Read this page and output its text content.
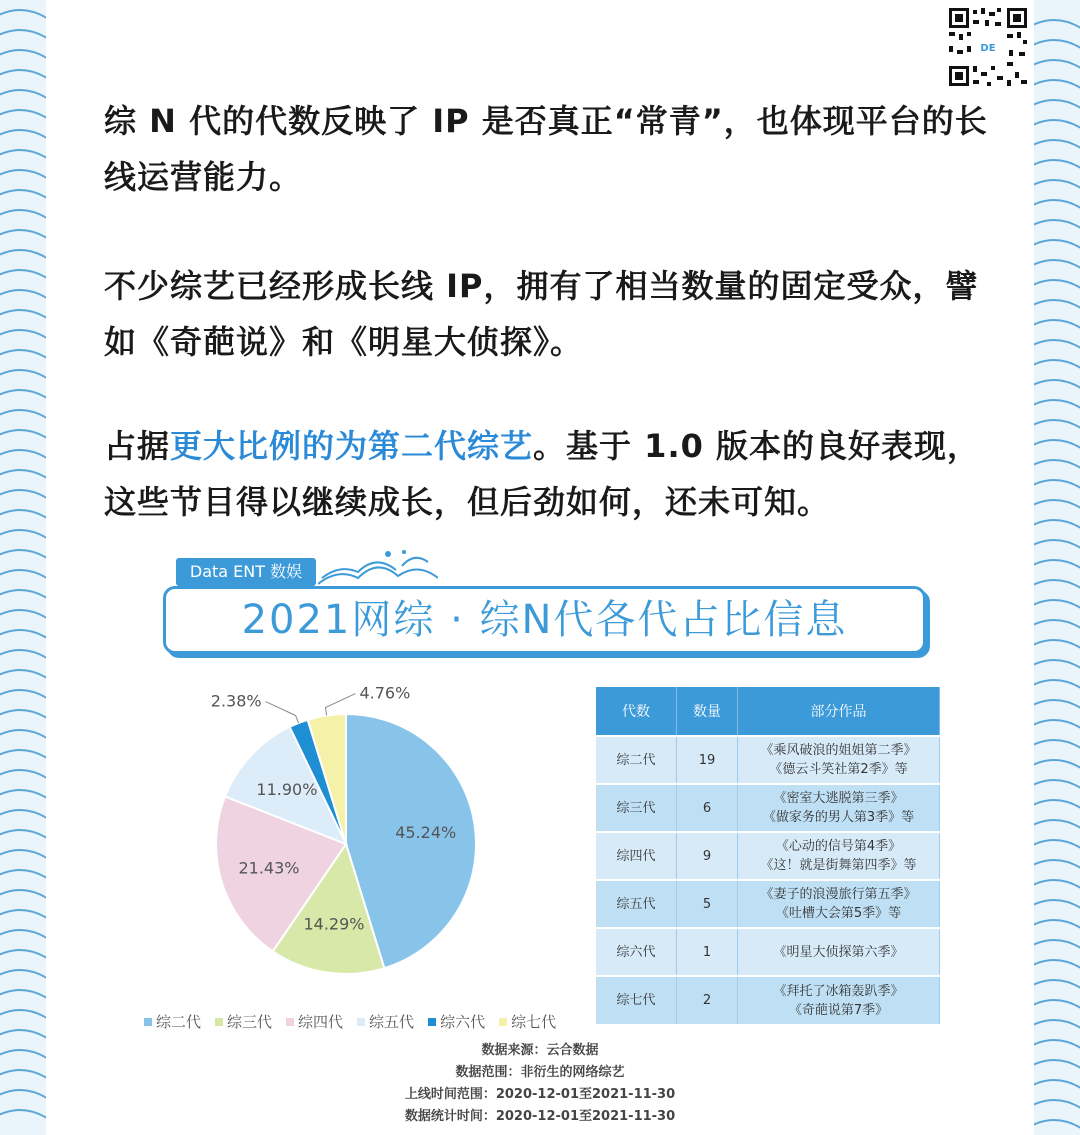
DE
综 N 代的代数反映了 IP 是否真正“常青”，也体现平台的长线运营能力。
不少综艺已经形成长线 IP，拥有了相当数量的固定受众，譬如《奇葩说》和《明星大侦探》。
占据更大比例的为第二代综艺。基于 1.0 版本的良好表现，这些节目得以继续成长，但后劲如何，还未可知。
Data ENT 数娱
2021网综 · 综N代各代占比信息
45.24%
14.29%
21.43%
11.90%
2.38%	4.76%
综二代 综三代 综四代 综五代 综六代 综七代
代数	数量	部分作品
综二代	19	《乘风破浪的姐姐第二季》
《德云斗笑社第2季》等

综三代	6	《密室大逃脱第三季》
《做家务的男人第3季》等

综四代	9	《心动的信号第4季》
《这！就是街舞第四季》等

综五代	5	《妻子的浪漫旅行第五季》
《吐槽大会第5季》等

综六代	1	《明星大侦探第六季》

综七代	2	《拜托了冰箱轰趴季》
《奇葩说第7季》
数据来源：云合数据
数据范围：非衍生的网络综艺
上线时间范围：2020-12-01至2021-11-30
数据统计时间：2020-12-01至2021-11-30
